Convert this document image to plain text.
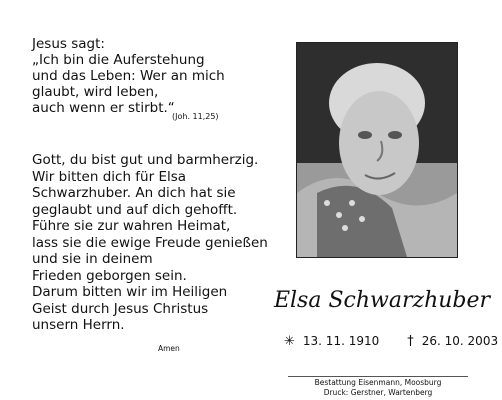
Jesus sagt:
„Ich bin die Auferstehung
und das Leben: Wer an mich
glaubt, wird leben,
auch wenn er stirbt.“
(Joh. 11,25)
Gott, du bist gut und barmherzig.
Wir bitten dich für Elsa
Schwarzhuber. An dich hat sie
geglaubt und auf dich gehofft.
Führe sie zur wahren Heimat,
lass sie die ewige Freude genießen
und sie in deinem
Frieden geborgen sein.
Darum bitten wir im Heiligen
Geist durch Jesus Christus
unsern Herrn.
Amen
Elsa Schwarzhuber
✳ 13. 11. 1910 † 26. 10. 2003
Bestattung Eisenmann, Moosburg
Druck: Gerstner, Wartenberg
